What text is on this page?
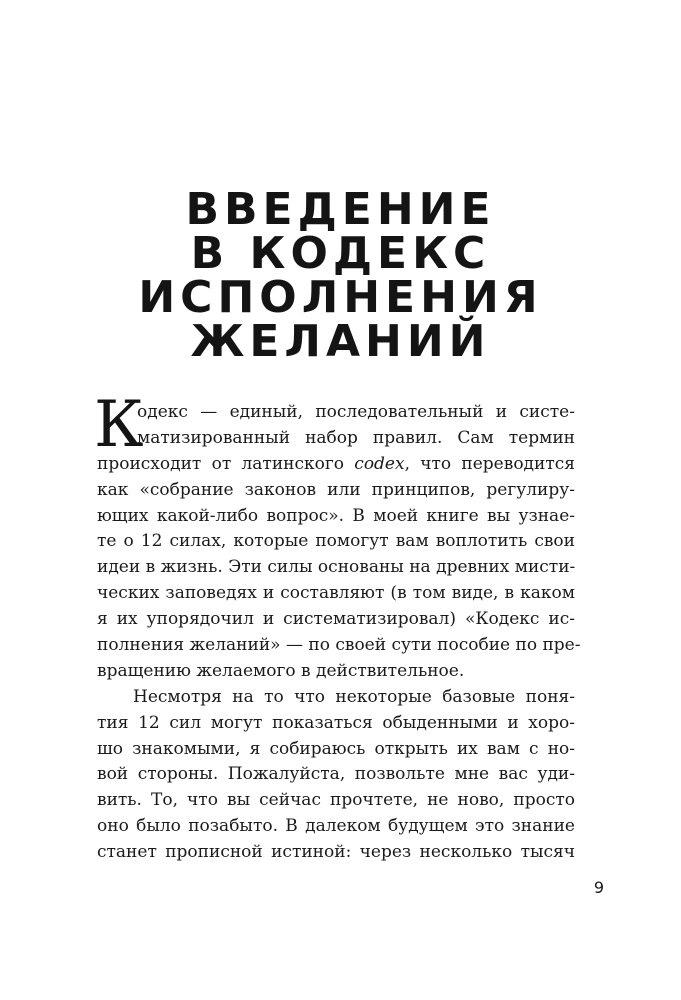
ВВЕДЕНИЕ
В КОДЕКС
ИСПОЛНЕНИЯ
ЖЕЛАНИЙ
К
одекс — единый, последовательный и систе-
матизированный набор правил. Сам термин
происходит от латинского codex, что переводится
как «собрание законов или принципов, регулиру-
ющих какой-либо вопрос». В моей книге вы узнае-
те о 12 силах, которые помогут вам воплотить свои
идеи в жизнь. Эти силы основаны на древних мисти-
ческих заповедях и составляют (в том виде, в каком
я их упорядочил и систематизировал) «Кодекс ис-
полнения желаний» — по своей сути пособие по пре-
вращению желаемого в действительное.
Несмотря на то что некоторые базовые поня-
тия 12 сил могут показаться обыденными и хоро-
шо знакомыми, я собираюсь открыть их вам с но-
вой стороны. Пожалуйста, позвольте мне вас уди-
вить. То, что вы сейчас прочтете, не ново, просто
оно было позабыто. В далеком будущем это знание
станет прописной истиной: через несколько тысяч
9
